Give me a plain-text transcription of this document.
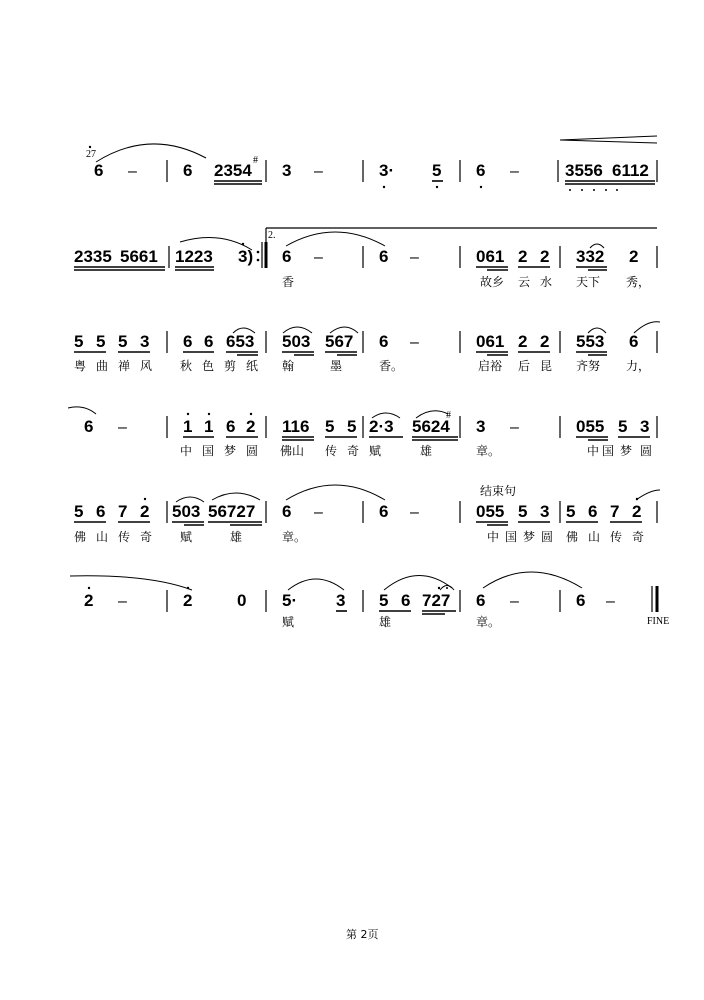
27
6 –	6 2354
#
3 –	3· 5 6 –	3556 6112
2335 5661 1223 3)
2.
6 –	6 –	061 2 2 332 2
香	故乡 云 水 天下 秀，
5 5 5 3 6 6 653 503 567 6 –	061 2 2 553 6
粤 曲 禅 风 秋 色 剪 纸 翰	墨	香。	启裕 后 昆 齐努 力，
6 –	1 1 6 2 116 5 5 2·3 5624
#
3 –	055 5 3
中 国 梦 圆 佛山 传 奇 赋	雄	章。	中 国 梦 圆
5 6 7 2 503 56727 6 –	6 –
结束句
055 5 3 5 6 7 2
佛 山 传 奇 赋	雄	章。	中 国 梦 圆 佛 山 传 奇
2 –	2	0 5· 3 5 6 727 6 –	6 –
FINE
赋	雄	章。
第 2页
